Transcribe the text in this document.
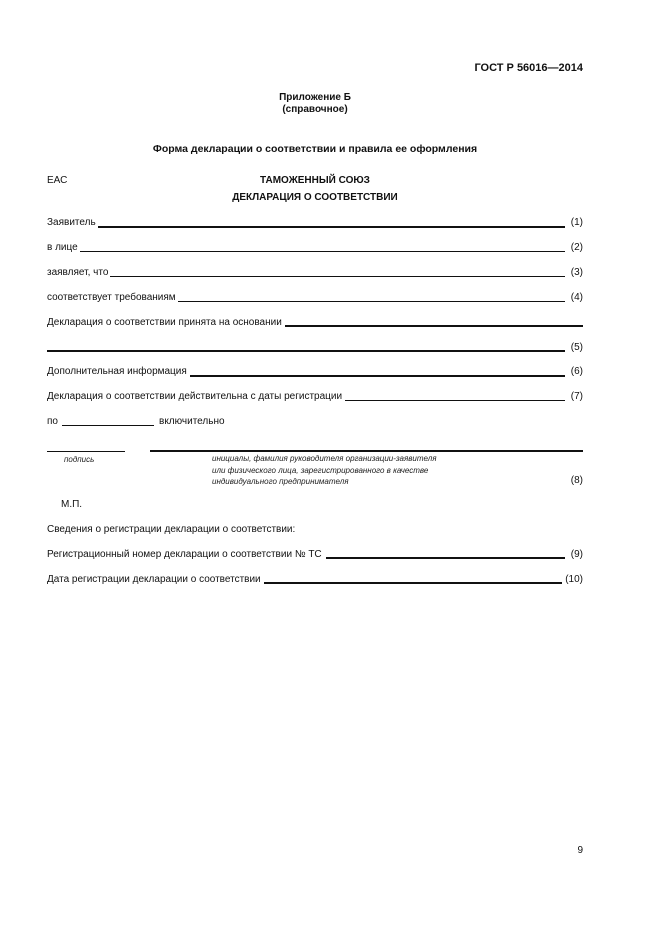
ГОСТ Р 56016—2014
Приложение Б
(справочное)
Форма декларации о соответствии и правила ее оформления
ЕАС	ТАМОЖЕННЫЙ СОЮЗ
ДЕКЛАРАЦИЯ О СООТВЕТСТВИИ
Заявитель	(1)
в лице	(2)
заявляет, что	(3)
соответствует требованиям	(4)
Декларация о соответствии принята на основании
(5)
Дополнительная информация	(6)
Декларация о соответствии действительна с даты регистрации	(7)
по	включительно
подпись	инициалы, фамилия руководителя организации-заявителя
или физического лица, зарегистрированного в качестве
индивидуального предпринимателя	(8)
М.П.
Сведения о регистрации декларации о соответствии:
Регистрационный номер декларации о соответствии № ТС	(9)
Дата регистрации декларации о соответствии	(10)
9
